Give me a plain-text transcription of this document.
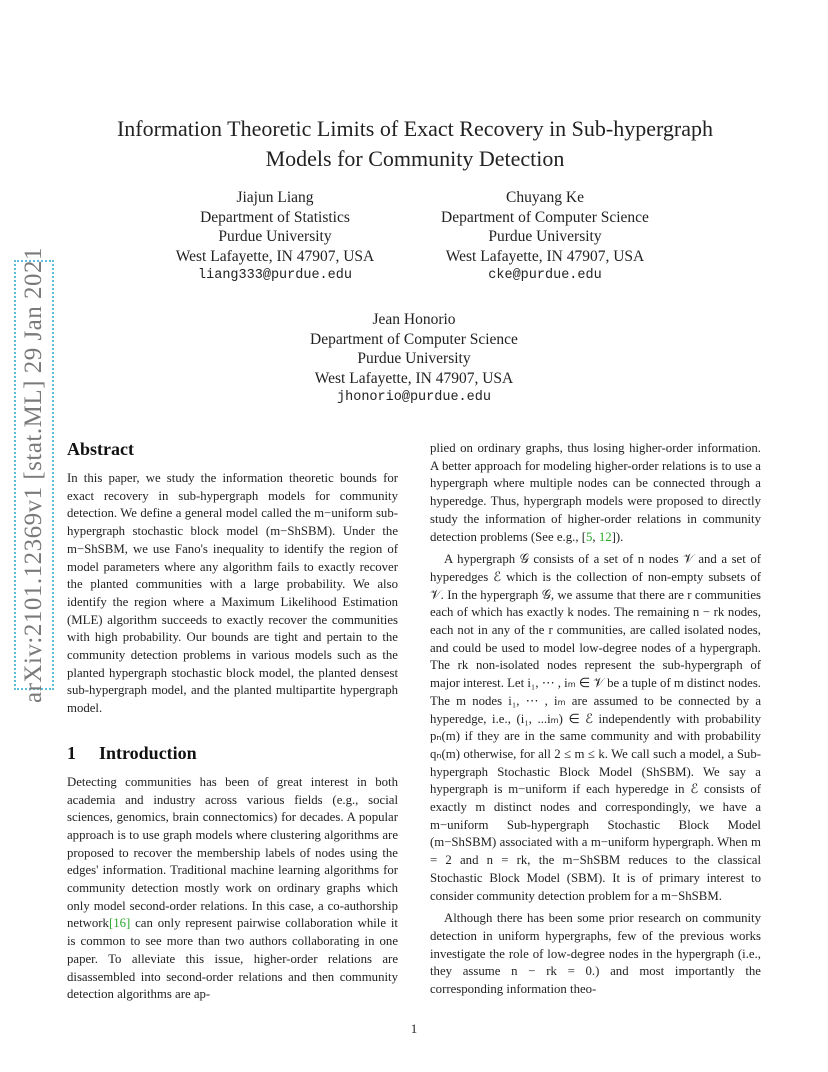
arXiv:2101.12369v1 [stat.ML] 29 Jan 2021
Information Theoretic Limits of Exact Recovery in Sub-hypergraph
Models for Community Detection
Jiajun Liang
Department of Statistics
Purdue University
West Lafayette, IN 47907, USA
liang333@purdue.edu
Chuyang Ke
Department of Computer Science
Purdue University
West Lafayette, IN 47907, USA
cke@purdue.edu
Jean Honorio
Department of Computer Science
Purdue University
West Lafayette, IN 47907, USA
jhonorio@purdue.edu
Abstract

In this paper, we study the information theoretic bounds for exact recovery in sub-hypergraph models for community detection. We define a general model called the m−uniform sub-hypergraph stochastic block model (m−ShSBM). Under the m−ShSBM, we use Fano's inequality to identify the region of model parameters where any algorithm fails to exactly recover the planted communities with a large probability. We also identify the region where a Maximum Likelihood Estimation (MLE) algorithm succeeds to exactly recover the communities with high probability. Our bounds are tight and pertain to the community detection problems in various models such as the planted hypergraph stochastic block model, the planted densest sub-hypergraph model, and the planted multipartite hypergraph model.

1 Introduction

Detecting communities has been of great interest in both academia and industry across various fields (e.g., social sciences, genomics, brain connectomics) for decades. A popular approach is to use graph models where clustering algorithms are proposed to recover the membership labels of nodes using the edges' information. Traditional machine learning algorithms for community detection mostly work on ordinary graphs which only model second-order relations. In this case, a co-authorship network[16] can only represent pairwise collaboration while it is common to see more than two authors collaborating in one paper. To alleviate this issue, higher-order relations are disassembled into second-order relations and then community detection algorithms are ap-

plied on ordinary graphs, thus losing higher-order information. A better approach for modeling higher-order relations is to use a hypergraph where multiple nodes can be connected through a hyperedge. Thus, hypergraph models were proposed to directly study the information of higher-order relations in community detection problems (See e.g., [5, 12]).

A hypergraph 𝒢 consists of a set of n nodes 𝒱 and a set of hyperedges ℰ which is the collection of non-empty subsets of 𝒱. In the hypergraph 𝒢, we assume that there are r communities each of which has exactly k nodes. The remaining n − rk nodes, each not in any of the r communities, are called isolated nodes, and could be used to model low-degree nodes of a hypergraph. The rk non-isolated nodes represent the sub-hypergraph of major interest. Let i₁, ⋯ , iₘ ∈ 𝒱 be a tuple of m distinct nodes. The m nodes i₁, ⋯ , iₘ are assumed to be connected by a hyperedge, i.e., (i₁, ...iₘ) ∈ ℰ independently with probability pₙ(m) if they are in the same community and with probability qₙ(m) otherwise, for all 2 ≤ m ≤ k. We call such a model, a Sub-hypergraph Stochastic Block Model (ShSBM). We say a hypergraph is m−uniform if each hyperedge in ℰ consists of exactly m distinct nodes and correspondingly, we have a m−uniform Sub-hypergraph Stochastic Block Model (m−ShSBM) associated with a m−uniform hypergraph. When m = 2 and n = rk, the m−ShSBM reduces to the classical Stochastic Block Model (SBM). It is of primary interest to consider community detection problem for a m−ShSBM.

Although there has been some prior research on community detection in uniform hypergraphs, few of the previous works investigate the role of low-degree nodes in the hypergraph (i.e., they assume n − rk = 0.) and most importantly the corresponding information theo-

1
